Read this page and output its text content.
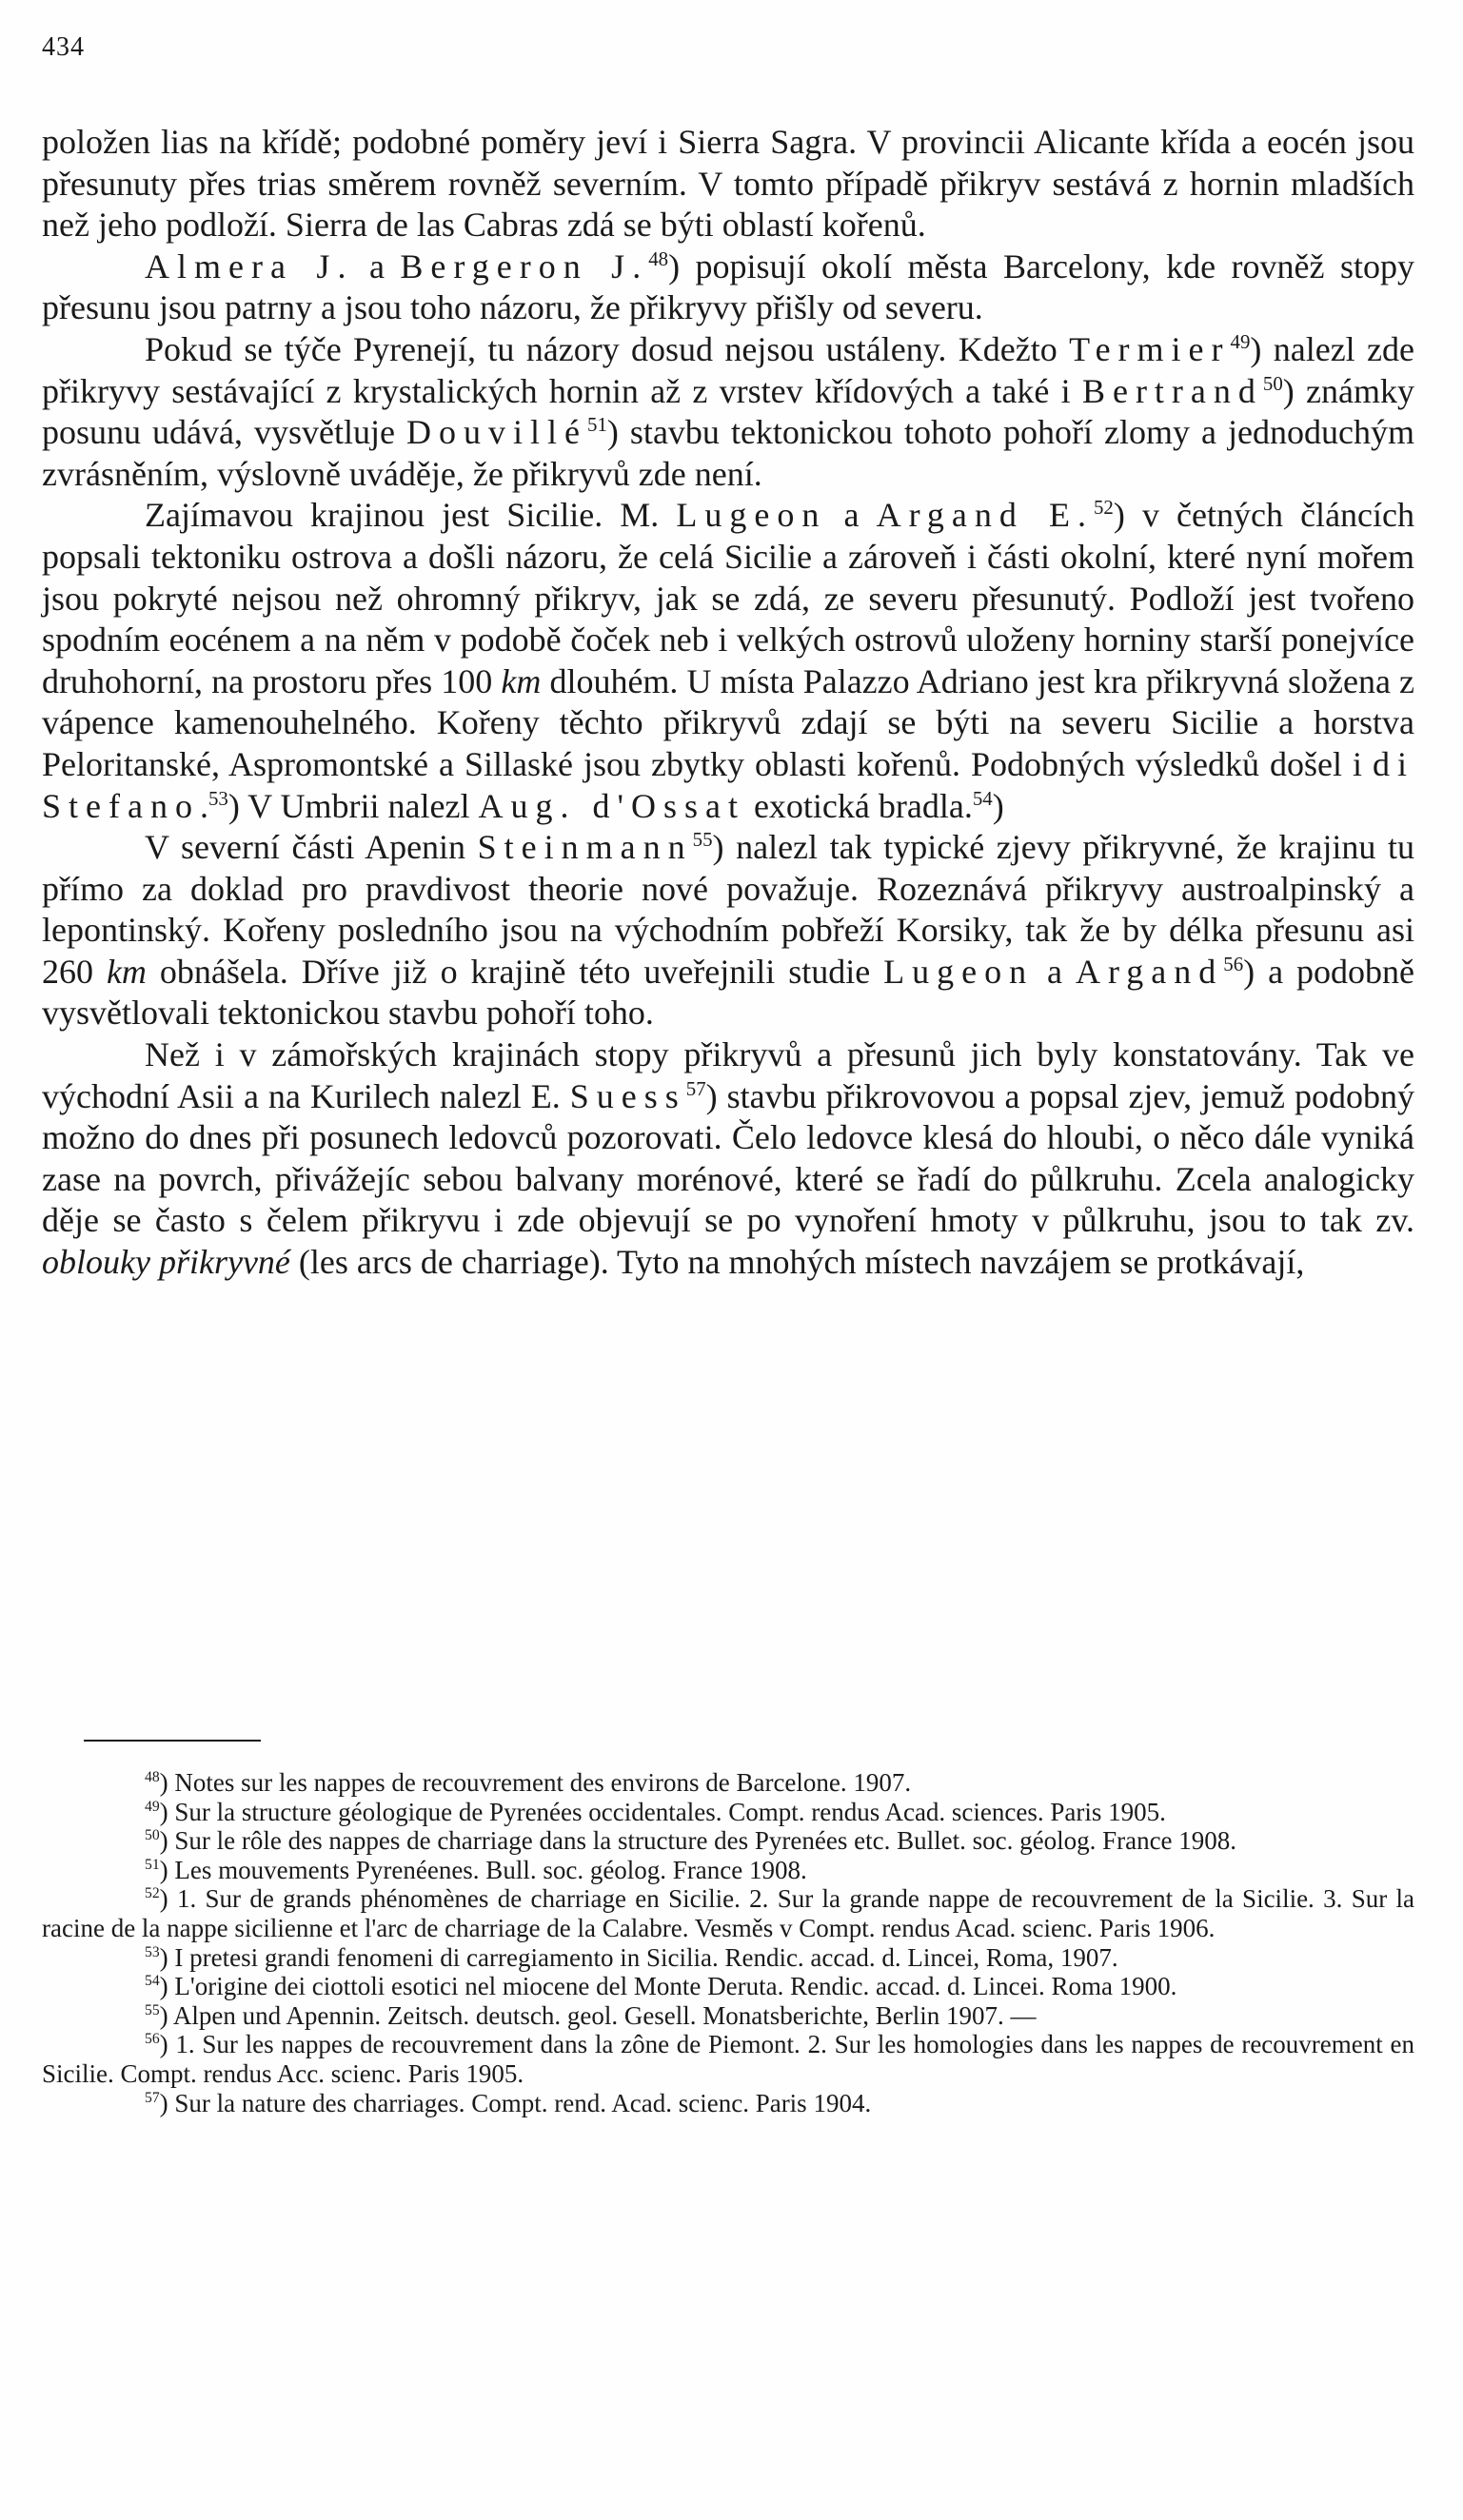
434

položen lias na křídě; podobné poměry jeví i Sierra Sagra. V provincii Alicante křída a eocén jsou přesunuty přes trias směrem rovněž severním. V tomto případě přikryv sestává z hornin mladších než jeho podloží. Sierra de las Cabras zdá se býti oblastí kořenů.

Almera J. a Bergeron J.$^{48}$) popisují okolí města Barcelony, kde rovněž stopy přesunu jsou patrny a jsou toho názoru, že přikryvy přišly od severu.

Pokud se týče Pyrenejí, tu názory dosud nejsou ustáleny. Kdežto Termier$^{49}$) nalezl zde přikryvy sestávající z krystalických hornin až z vrstev křídových a také i Bertrand$^{50}$) známky posunu udává, vysvětluje Douvillé$^{51}$) stavbu tektonickou tohoto pohoří zlomy a jednoduchým zvrásněním, výslovně uváděje, že přikryvů zde není.

Zajímavou krajinou jest Sicilie. M. Lugeon a Argand E.$^{52}$) v četných článcích popsali tektoniku ostrova a došli názoru, že celá Sicilie a zároveň i části okolní, které nyní mořem jsou pokryté nejsou než ohromný přikryv, jak se zdá, ze severu přesunutý. Podloží jest tvořeno spodním eocénem a na něm v podobě čoček neb i velkých ostrovů uloženy horniny starší ponejvíce druhohorní, na prostoru přes 100 km dlouhém. U místa Palazzo Adriano jest kra přikryvná složena z vápence kamenouhelného. Kořeny těchto přikryvů zdají se býti na severu Sicilie a horstva Peloritanské, Aspromontské a Sillaské jsou zbytky oblasti kořenů. Podobných výsledků došel i di Stefano.$^{53}$) V Umbrii nalezl Aug. d'Ossat exotická bradla.$^{54}$)

V severní části Apenin Steinmann$^{55}$) nalezl tak typické zjevy přikryvné, že krajinu tu přímo za doklad pro pravdivost theorie nové považuje. Rozeznává přikryvy austroalpinský a lepontinský. Kořeny posledního jsou na východním pobřeží Korsiky, tak že by délka přesunu asi 260 km obnášela. Dříve již o krajině této uveřejnili studie Lugeon a Argand$^{56}$) a podobně vysvětlovali tektonickou stavbu pohoří toho.

Než i v zámořských krajinách stopy přikryvů a přesunů jich byly konstatovány. Tak ve východní Asii a na Kurilech nalezl E. Suess$^{57}$) stavbu přikrovovou a popsal zjev, jemuž podobný možno do dnes při posunech ledovců pozorovati. Čelo ledovce klesá do hloubi, o něco dále vyniká zase na povrch, přivážejíc sebou balvany morénové, které se řadí do půlkruhu. Zcela analogicky děje se často s čelem přikryvu i zde objevují se po vynoření hmoty v půlkruhu, jsou to tak zv. oblouky přikryvné (les arcs de charriage). Tyto na mnohých místech navzájem se protkávají,

$^{48}$) Notes sur les nappes de recouvrement des environs de Barcelone. 1907.

$^{49}$) Sur la structure géologique de Pyrenées occidentales. Compt. rendus Acad. sciences. Paris 1905.

$^{50}$) Sur le rôle des nappes de charriage dans la structure des Pyrenées etc. Bullet. soc. géolog. France 1908.

$^{51}$) Les mouvements Pyrenéenes. Bull. soc. géolog. France 1908.

$^{52}$) 1. Sur de grands phénomènes de charriage en Sicilie. 2. Sur la grande nappe de recouvrement de la Sicilie. 3. Sur la racine de la nappe sicilienne et l'arc de charriage de la Calabre. Vesměs v Compt. rendus Acad. scienc. Paris 1906.

$^{53}$) I pretesi grandi fenomeni di carregiamento in Sicilia. Rendic. accad. d. Lincei, Roma, 1907.

$^{54}$) L'origine dei ciottoli esotici nel miocene del Monte Deruta. Rendic. accad. d. Lincei. Roma 1900.

$^{55}$) Alpen und Apennin. Zeitsch. deutsch. geol. Gesell. Monatsberichte, Berlin 1907. —

$^{56}$) 1. Sur les nappes de recouvrement dans la zône de Piemont. 2. Sur les homologies dans les nappes de recouvrement en Sicilie. Compt. rendus Acc. scienc. Paris 1905.

$^{57}$) Sur la nature des charriages. Compt. rend. Acad. scienc. Paris 1904.
